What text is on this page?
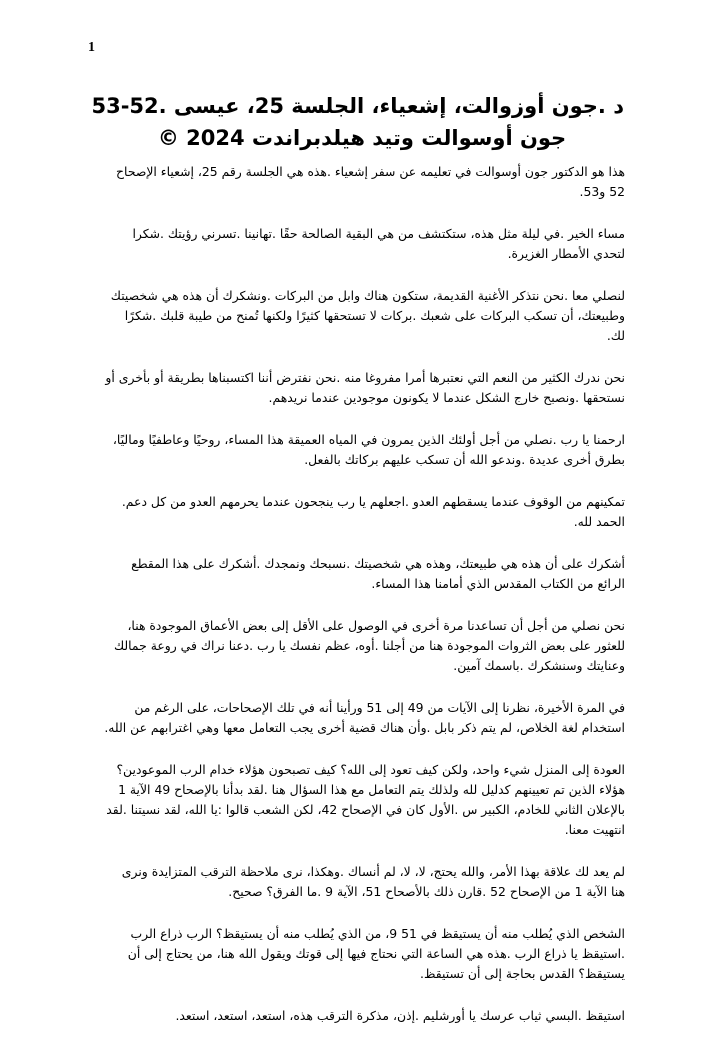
1

د .جون أوزوالت، إشعياء، الجلسة 25، عيسى .52-53

جون أوسوالت وتيد هيلدبراندت 2024 ©

هذا هو الدكتور جون أوسوالت في تعليمه عن سفر إشعياء .هذه هي الجلسة رقم 25، إشعياء الإصحاح 52 و53.

مساء الخير .في ليلة مثل هذه، ستكتشف من هي البقية الصالحة حقًا .تهانينا .تسرني رؤيتك .شكرا لتحدي الأمطار الغزيرة.

لنصلي معا .نحن نتذكر الأغنية القديمة، ستكون هناك وابل من البركات .ونشكرك أن هذه هي شخصيتك وطبيعتك، أن تسكب البركات على شعبك .بركات لا تستحقها كثيرًا ولكنها تُمنح من طيبة قلبك .شكرًا لك.

نحن ندرك الكثير من النعم التي نعتبرها أمرا مفروغا منه .نحن نفترض أننا اكتسبناها بطريقة أو بأخرى أو نستحقها .ونصبح خارج الشكل عندما لا يكونون موجودين عندما نريدهم.

ارحمنا يا رب .نصلي من أجل أولئك الذين يمرون في المياه العميقة هذا المساء، روحيًا وعاطفيًا وماليًا، بطرق أخرى عديدة .وندعو الله أن تسكب عليهم بركاتك بالفعل.

تمكينهم من الوقوف عندما يسقطهم العدو .اجعلهم يا رب ينجحون عندما يحرمهم العدو من كل دعم. الحمد لله.

أشكرك على أن هذه هي طبيعتك، وهذه هي شخصيتك .نسبحك ونمجدك .أشكرك على هذا المقطع الرائع من الكتاب المقدس الذي أمامنا هذا المساء.

نحن نصلي من أجل أن تساعدنا مرة أخرى في الوصول على الأقل إلى بعض الأعماق الموجودة هنا، للعثور على بعض الثروات الموجودة هنا من أجلنا .أوه، عظم نفسك يا رب .دعنا نراك في روعة جمالك وعنايتك وسنشكرك .باسمك آمين.

في المرة الأخيرة، نظرنا إلى الآيات من 49 إلى 51 ورأينا أنه في تلك الإصحاحات، على الرغم من استخدام لغة الخلاص، لم يتم ذكر بابل .وأن هناك قضية أخرى يجب التعامل معها وهي اغترابهم عن الله.

العودة إلى المنزل شيء واحد، ولكن كيف تعود إلى الله؟ كيف تصبحون هؤلاء خدام الرب الموعودين؟ هؤلاء الذين تم تعيينهم كدليل لله ولذلك يتم التعامل مع هذا السؤال هنا .لقد بدأنا بالإصحاح 49 الآية 1 بالإعلان الثاني للخادم، الكبير س .الأول كان في الإصحاح 42، لكن الشعب قالوا :يا الله، لقد نسيتنا .لقد انتهيت معنا.

لم يعد لك علاقة بهذا الأمر، والله يحتج، لا، لا، لم أنساك .وهكذا، نرى ملاحظة الترقب المتزايدة ونرى هنا الآية 1 من الإصحاح 52 .قارن ذلك بالأصحاح 51، الآية 9 .ما الفرق؟ صحيح.

الشخص الذي يُطلب منه أن يستيقظ في 51 9، من الذي يُطلب منه أن يستيقظ؟ الرب ذراع الرب .استيقظ يا ذراع الرب .هذه هي الساعة التي نحتاج فيها إلى قوتك ويقول الله هنا، من يحتاج إلى أن يستيقظ؟ القدس بحاجة إلى أن تستيقظ.

استيقظ .البسي ثياب عرسك يا أورشليم .إذن، مذكرة الترقب هذه، استعد، استعد، استعد.
